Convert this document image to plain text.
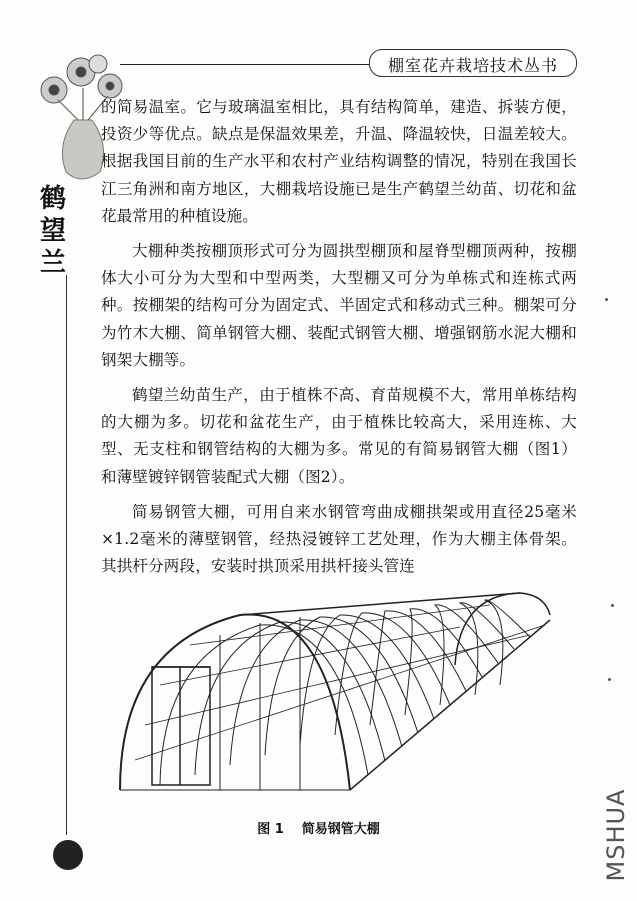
棚室花卉栽培技术丛书
鹤望兰

的简易温室。它与玻璃温室相比，具有结构简单，建造、拆装方便，投资少等优点。缺点是保温效果差，升温、降温较快，日温差较大。根据我国目前的生产水平和农村产业结构调整的情况，特别在我国长江三角洲和南方地区，大棚栽培设施已是生产鹤望兰幼苗、切花和盆花最常用的种植设施。

大棚种类按棚顶形式可分为圆拱型棚顶和屋脊型棚顶两种，按棚体大小可分为大型和中型两类，大型棚又可分为单栋式和连栋式两种。按棚架的结构可分为固定式、半固定式和移动式三种。棚架可分为竹木大棚、简单钢管大棚、装配式钢管大棚、增强钢筋水泥大棚和钢架大棚等。

鹤望兰幼苗生产，由于植株不高、育苗规模不大，常用单栋结构的大棚为多。切花和盆花生产，由于植株比较高大，采用连栋、大型、无支柱和钢管结构的大棚为多。常见的有简易钢管大棚（图1）和薄壁镀锌钢管装配式大棚（图2）。

简易钢管大棚，可用自来水钢管弯曲成棚拱架或用直径25毫米×1.2毫米的薄壁钢管，经热浸镀锌工艺处理，作为大棚主体骨架。其拱杆分两段，安装时拱顶采用拱杆接头管连

图 1 简易钢管大棚	MSHUA
